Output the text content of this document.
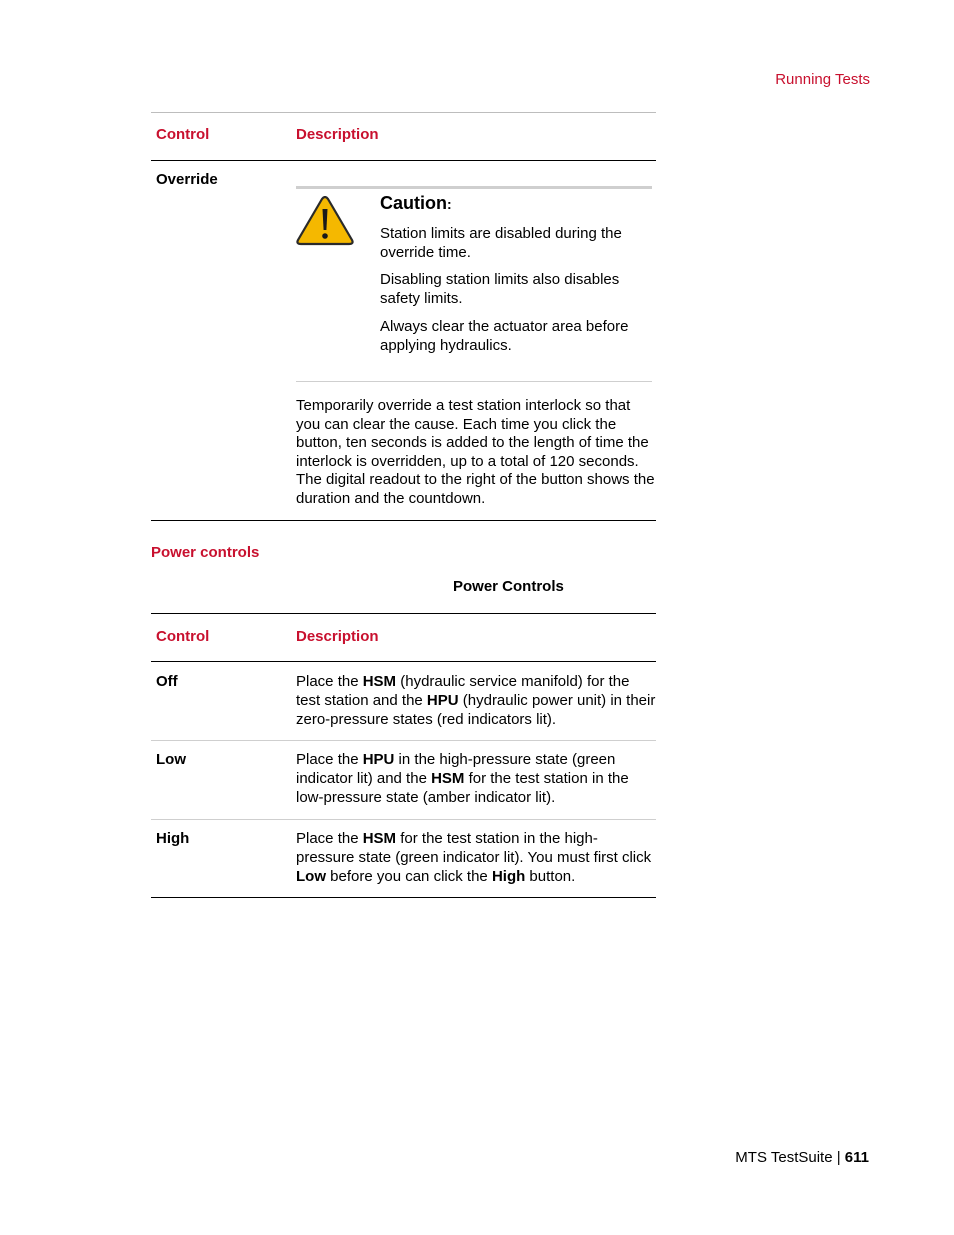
Running Tests
Control	Description
Override
Caution:
Station limits are disabled during the override time.
Disabling station limits also disables safety limits.
Always clear the actuator area before applying hydraulics.
Temporarily override a test station interlock so that you can clear the cause. Each time you click the button, ten seconds is added to the length of time the interlock is overridden, up to a total of 120 seconds. The digital readout to the right of the button shows the duration and the countdown.
Power controls
Power Controls
Control	Description
Off	Place the HSM (hydraulic service manifold) for the test station and the HPU (hydraulic power unit) in their zero-pressure states (red indicators lit).
Low	Place the HPU in the high-pressure state (green indicator lit) and the HSM for the test station in the low-pressure state (amber indicator lit).
High	Place the HSM for the test station in the high-pressure state (green indicator lit). You must first click Low before you can click the High button.
MTS TestSuite | 611
